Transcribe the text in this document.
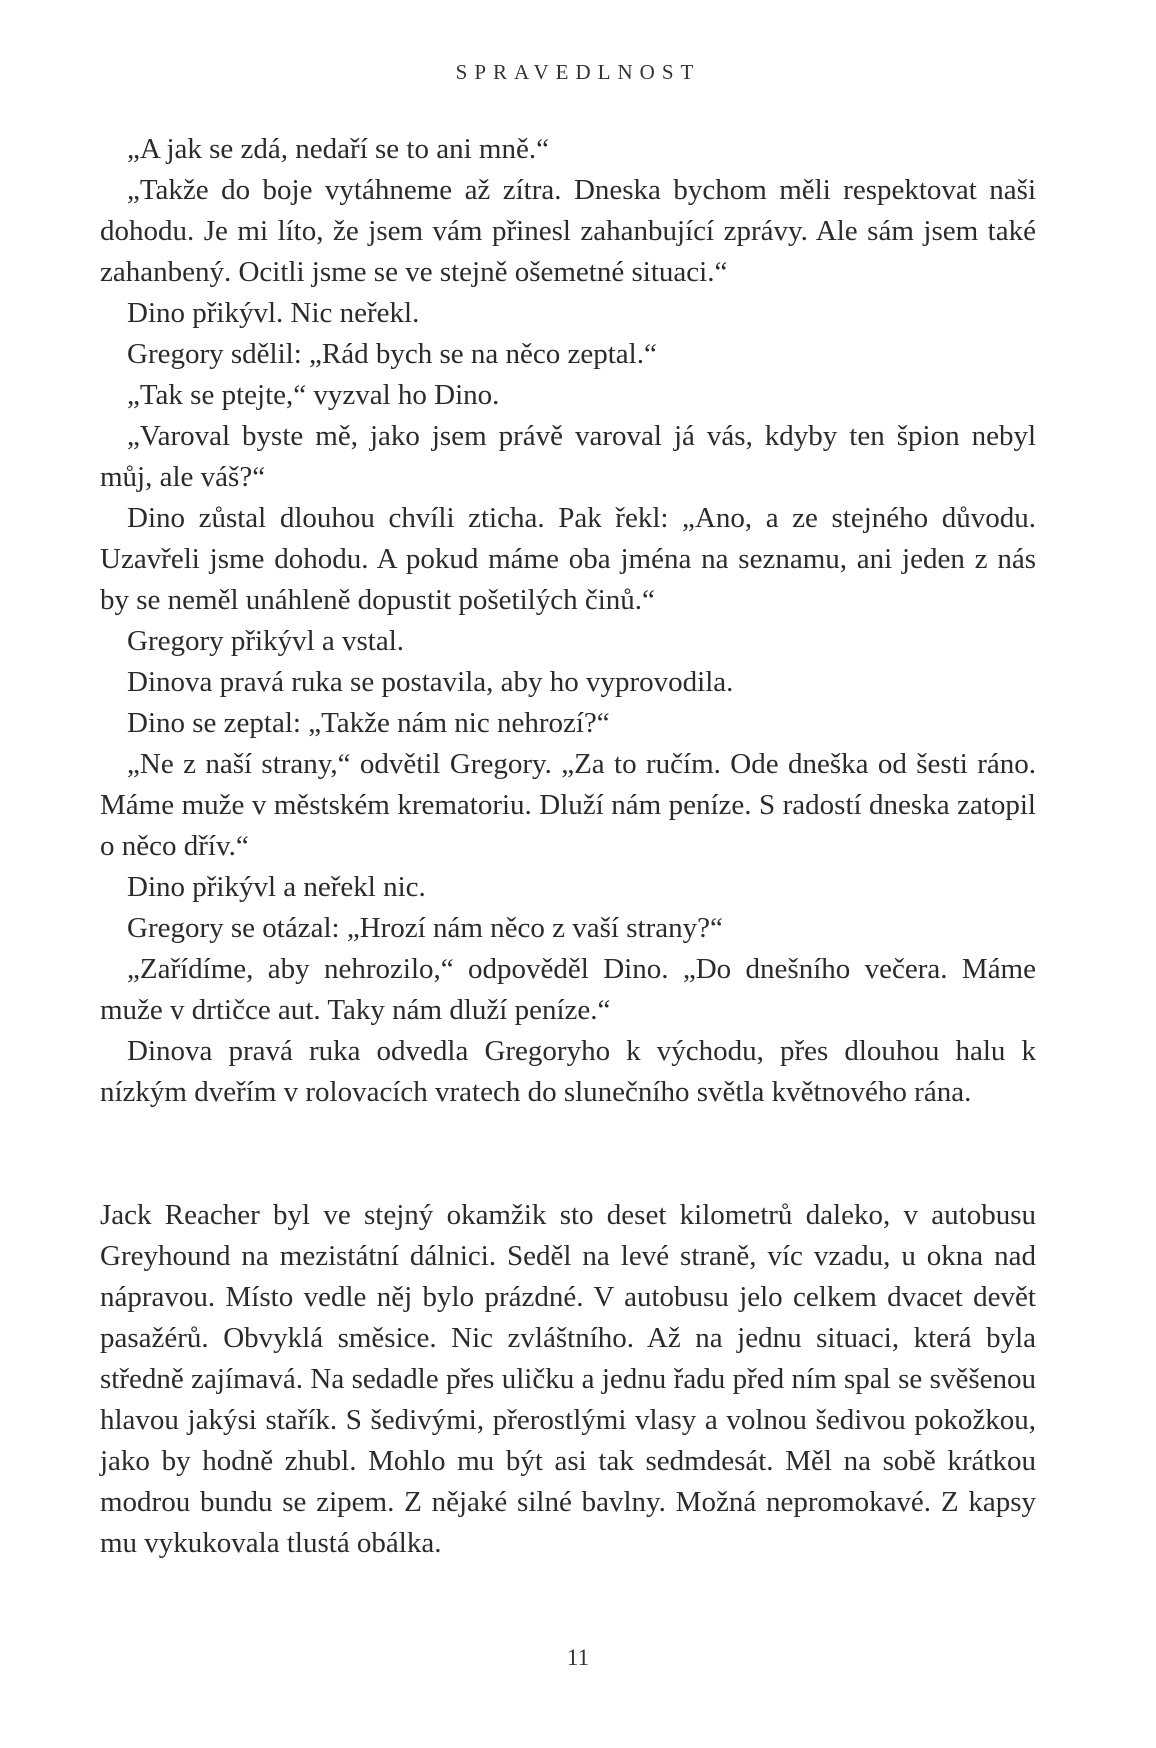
SPRAVEDLNOST

„A jak se zdá, nedaří se to ani mně.“

„Takže do boje vytáhneme až zítra. Dneska bychom měli respektovat naši dohodu. Je mi líto, že jsem vám přinesl zahanbující zprávy. Ale sám jsem také zahanbený. Ocitli jsme se ve stejně ošemetné situaci.“

Dino přikývl. Nic neřekl.

Gregory sdělil: „Rád bych se na něco zeptal.“

„Tak se ptejte,“ vyzval ho Dino.

„Varoval byste mě, jako jsem právě varoval já vás, kdyby ten špion nebyl můj, ale váš?“

Dino zůstal dlouhou chvíli zticha. Pak řekl: „Ano, a ze stejného důvodu. Uzavřeli jsme dohodu. A pokud máme oba jména na seznamu, ani jeden z nás by se neměl unáhleně dopustit pošetilých činů.“

Gregory přikývl a vstal.

Dinova pravá ruka se postavila, aby ho vyprovodila.

Dino se zeptal: „Takže nám nic nehrozí?“

„Ne z naší strany,“ odvětil Gregory. „Za to ručím. Ode dneška od šesti ráno. Máme muže v městském krematoriu. Dluží nám peníze. S radostí dneska zatopil o něco dřív.“

Dino přikývl a neřekl nic.

Gregory se otázal: „Hrozí nám něco z vaší strany?“

„Zařídíme, aby nehrozilo,“ odpověděl Dino. „Do dnešního večera. Máme muže v drtičce aut. Taky nám dluží peníze.“

Dinova pravá ruka odvedla Gregoryho k východu, přes dlouhou halu k nízkým dveřím v rolovacích vratech do slunečního světla květnového rána.

Jack Reacher byl ve stejný okamžik sto deset kilometrů daleko, v autobusu Greyhound na mezistátní dálnici. Seděl na levé straně, víc vzadu, u okna nad nápravou. Místo vedle něj bylo prázdné. V autobusu jelo celkem dvacet devět pasažérů. Obvyklá směsice. Nic zvláštního. Až na jednu situaci, která byla středně zajímavá. Na sedadle přes uličku a jednu řadu před ním spal se svěšenou hlavou jakýsi stařík. S šedivými, přerostlými vlasy a volnou šedivou pokožkou, jako by hodně zhubl. Mohlo mu být asi tak sedmdesát. Měl na sobě krátkou modrou bundu se zipem. Z nějaké silné bavlny. Možná nepromokavé. Z kapsy mu vykukovala tlustá obálka.

11
